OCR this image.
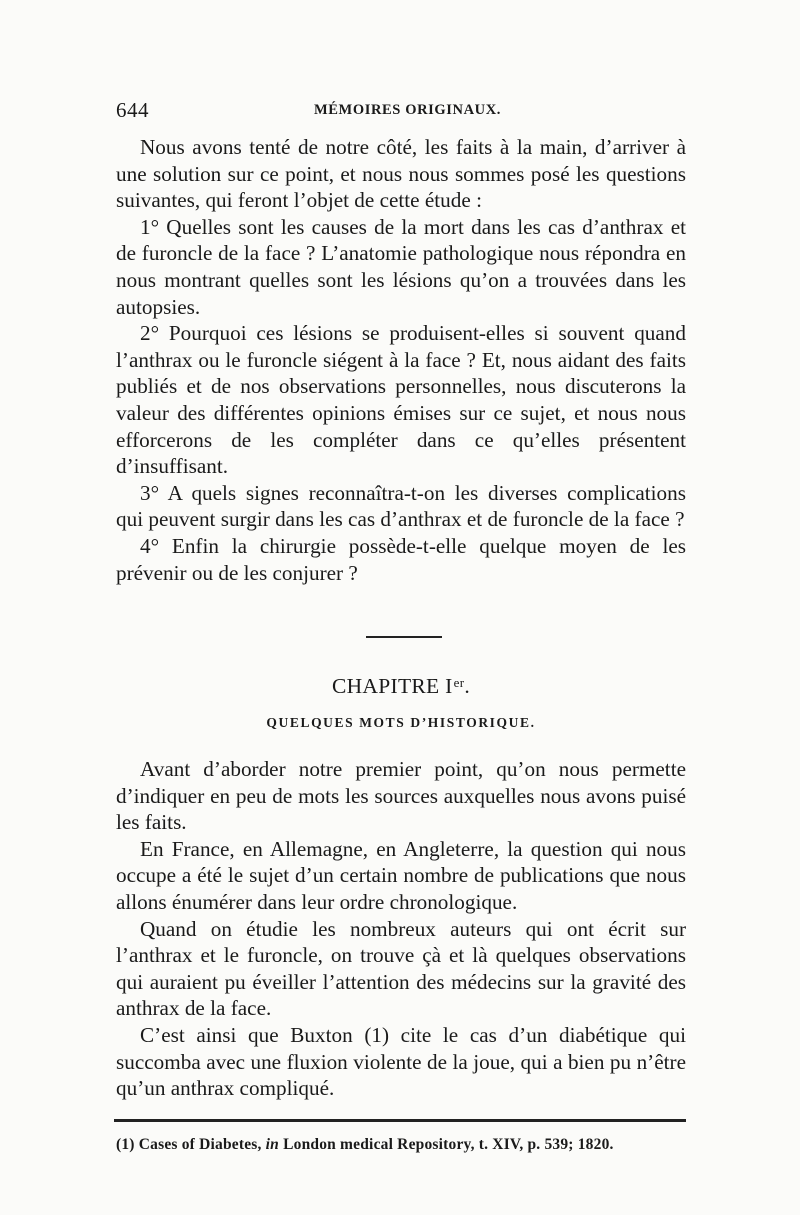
644	MÉMOIRES ORIGINAUX.

Nous avons tenté de notre côté, les faits à la main, d’arriver à une solution sur ce point, et nous nous sommes posé les questions suivantes, qui feront l’objet de cette étude :

1° Quelles sont les causes de la mort dans les cas d’anthrax et de furoncle de la face ? L’anatomie pathologique nous répondra en nous montrant quelles sont les lésions qu’on a trouvées dans les autopsies.

2° Pourquoi ces lésions se produisent-elles si souvent quand l’anthrax ou le furoncle siégent à la face ? Et, nous aidant des faits publiés et de nos observations personnelles, nous discuterons la valeur des différentes opinions émises sur ce sujet, et nous nous efforcerons de les compléter dans ce qu’elles présentent d’insuffisant.

3° A quels signes reconnaîtra-t-on les diverses complications qui peuvent surgir dans les cas d’anthrax et de furoncle de la face ?

4° Enfin la chirurgie possède-t-elle quelque moyen de les prévenir ou de les conjurer ?

CHAPITRE Ier.
QUELQUES MOTS D’HISTORIQUE.

Avant d’aborder notre premier point, qu’on nous permette d’indiquer en peu de mots les sources auxquelles nous avons puisé les faits.

En France, en Allemagne, en Angleterre, la question qui nous occupe a été le sujet d’un certain nombre de publications que nous allons énumérer dans leur ordre chronologique.

Quand on étudie les nombreux auteurs qui ont écrit sur l’anthrax et le furoncle, on trouve çà et là quelques observations qui auraient pu éveiller l’attention des médecins sur la gravité des anthrax de la face.

C’est ainsi que Buxton (1) cite le cas d’un diabétique qui succomba avec une fluxion violente de la joue, qui a bien pu n’être qu’un anthrax compliqué.

(1) Cases of Diabetes, in London medical Repository, t. XIV, p. 539; 1820.
